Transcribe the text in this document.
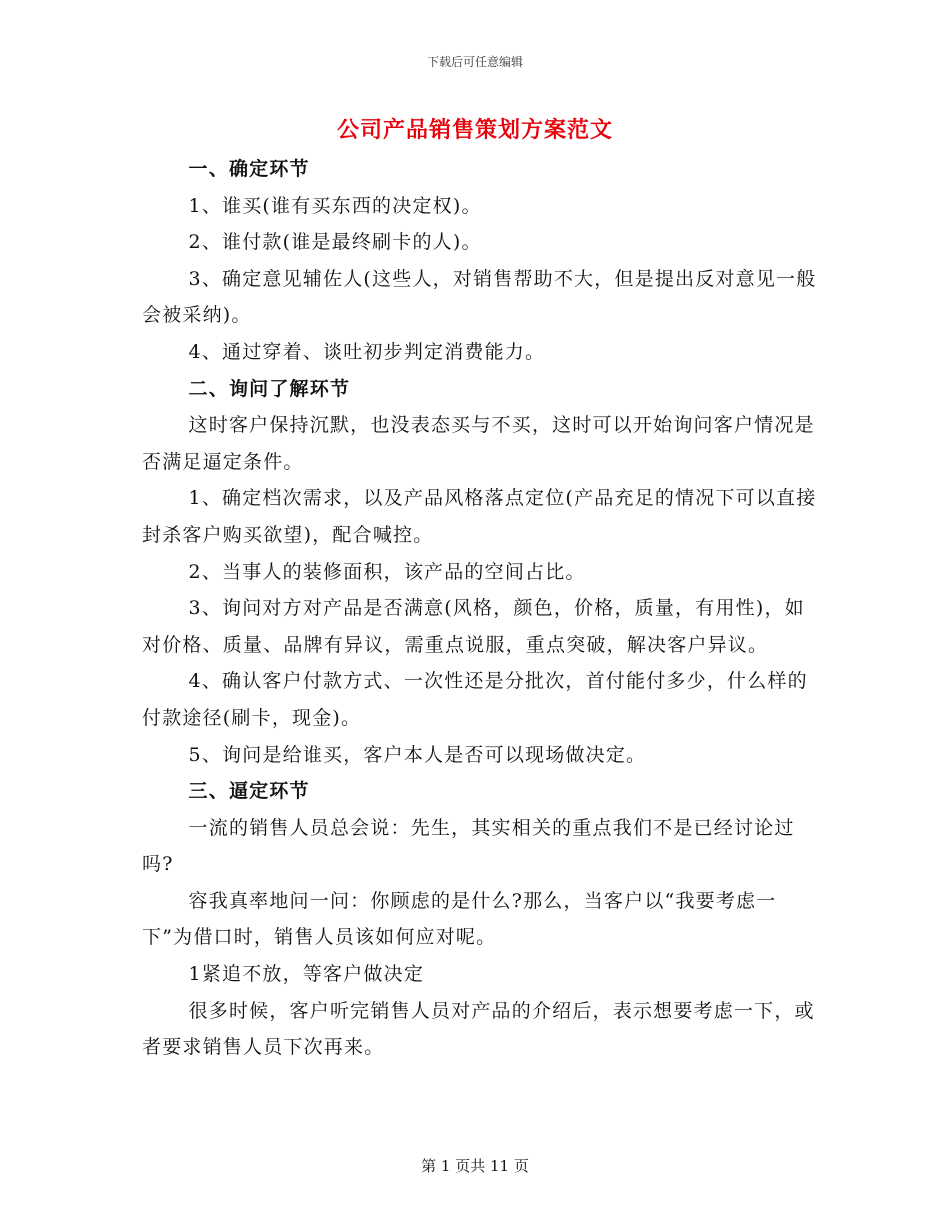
下载后可任意编辑
公司产品销售策划方案范文

一、确定环节

1、谁买(谁有买东西的决定权)。

2、谁付款(谁是最终刷卡的人)。

3、确定意见辅佐人(这些人，对销售帮助不大，但是提出反对意见一般会被采纳)。

4、通过穿着、谈吐初步判定消费能力。

二、询问了解环节

这时客户保持沉默，也没表态买与不买，这时可以开始询问客户情况是否满足逼定条件。

1、确定档次需求，以及产品风格落点定位(产品充足的情况下可以直接封杀客户购买欲望)，配合喊控。

2、当事人的装修面积，该产品的空间占比。

3、询问对方对产品是否满意(风格，颜色，价格，质量，有用性)，如对价格、质量、品牌有异议，需重点说服，重点突破，解决客户异议。

4、确认客户付款方式、一次性还是分批次，首付能付多少，什么样的付款途径(刷卡，现金)。

5、询问是给谁买，客户本人是否可以现场做决定。

三、逼定环节

一流的销售人员总会说：先生，其实相关的重点我们不是已经讨论过吗?

容我真率地问一问：你顾虑的是什么?那么，当客户以“我要考虑一下”为借口时，销售人员该如何应对呢。

1紧追不放，等客户做决定

很多时候，客户听完销售人员对产品的介绍后，表示想要考虑一下，或者要求销售人员下次再来。

第 1 页共 11 页
